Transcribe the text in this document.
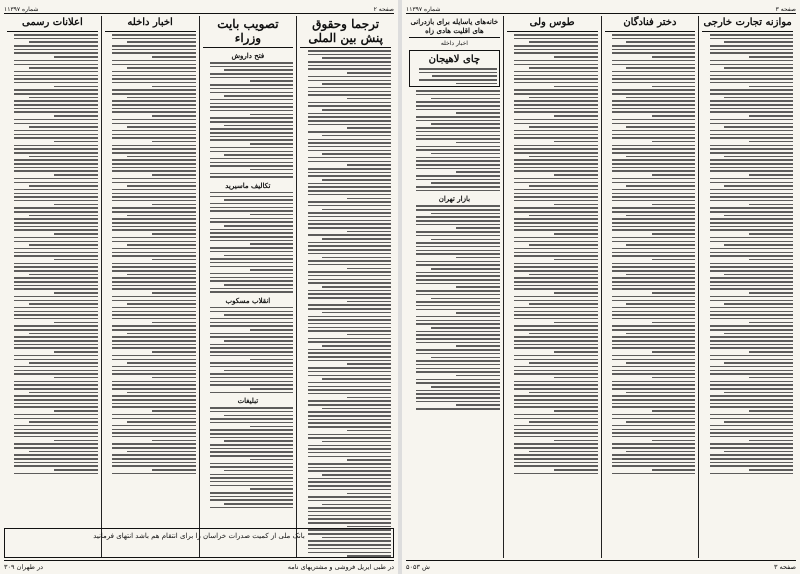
صفحه ۲
شماره ۱۱۳۹۷
ترجما وحقوق پنش بین الملی
تصویب بایت وزراء
فتح داروش
تکالیف ماسیرید
انقلاب مسکوب
تبلیغات
اخبار داخله
اعلانات رسمی
بانک ملی از کمیت صدرات خراسان را برای انتقام هم باشد انتهای فرمانید
در طبی ایریل فروشی و مشتریهای نامه
در طهران ۳۰۹
صفحه ۳
شماره ۱۱۳۹۷
موازنه تجارت خارجی
دختر فنادگان
طوس ولی
خانه‌های یاسایله برای بازدرانی های اقلیت هادی زاه
اخبار داخله
چای لاهیجان
بازار تهران
صفحه ۳
ش ۵۰۵۳
